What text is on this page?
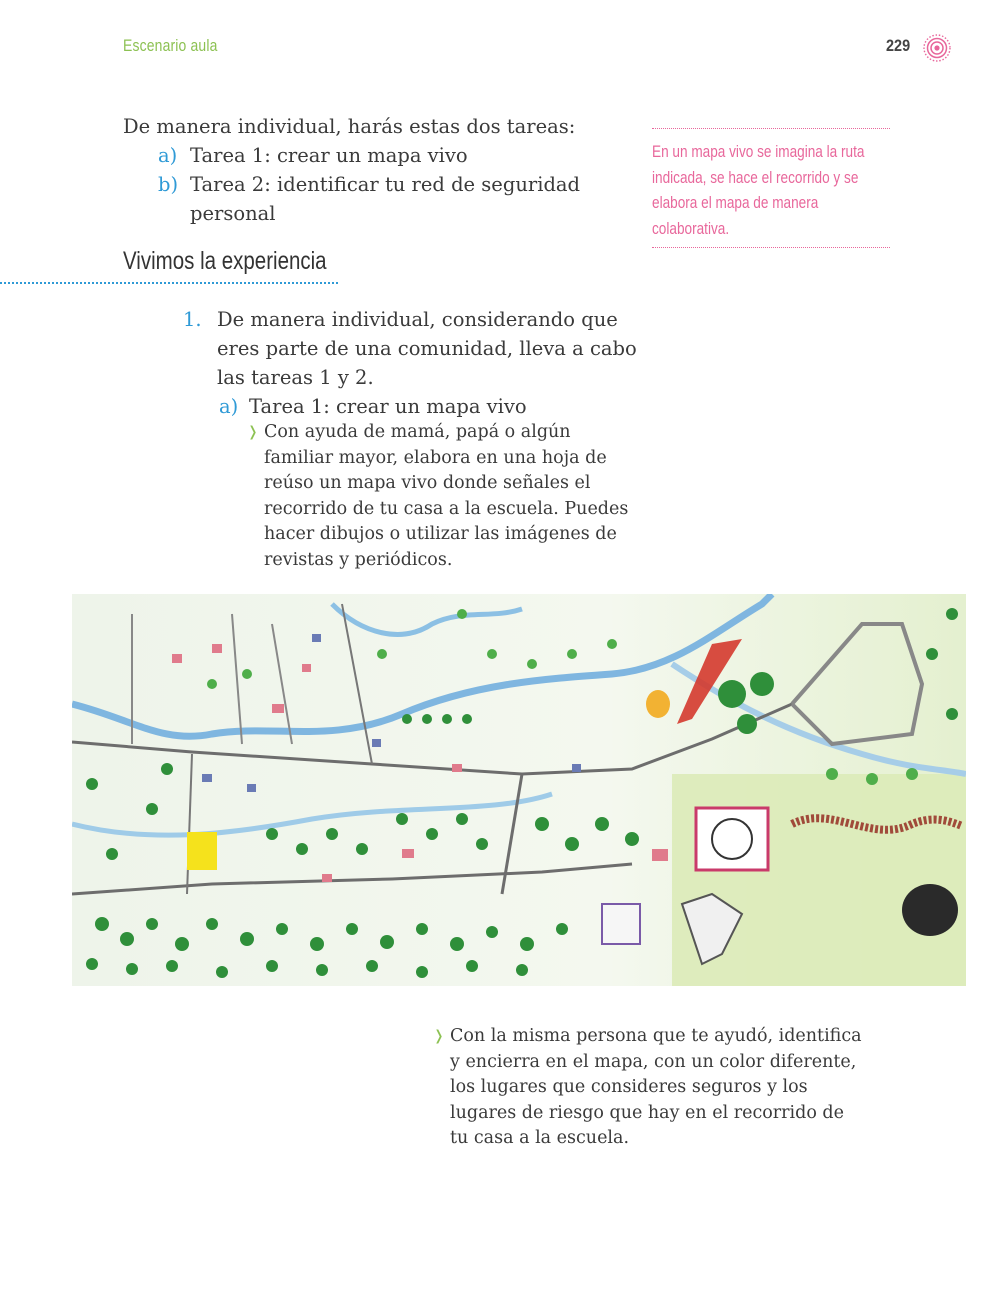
Escenario aula	229
De manera individual, harás estas dos tareas:
a) Tarea 1: crear un mapa vivo
b) Tarea 2: identificar tu red de seguridad personal
En un mapa vivo se imagina la ruta indicada, se hace el recorrido y se elabora el mapa de manera colaborativa.
Vivimos la experiencia
1. De manera individual, considerando que eres parte de una comunidad, lleva a cabo las tareas 1 y 2.
a) Tarea 1: crear un mapa vivo
❭ Con ayuda de mamá, papá o algún familiar mayor, elabora en una hoja de reúso un mapa vivo donde señales el recorrido de tu casa a la escuela. Puedes hacer dibujos o utilizar las imágenes de revistas y periódicos.
❭ Con la misma persona que te ayudó, identifica y encierra en el mapa, con un color diferente, los lugares que consideres seguros y los lugares de riesgo que hay en el recorrido de tu casa a la escuela.
